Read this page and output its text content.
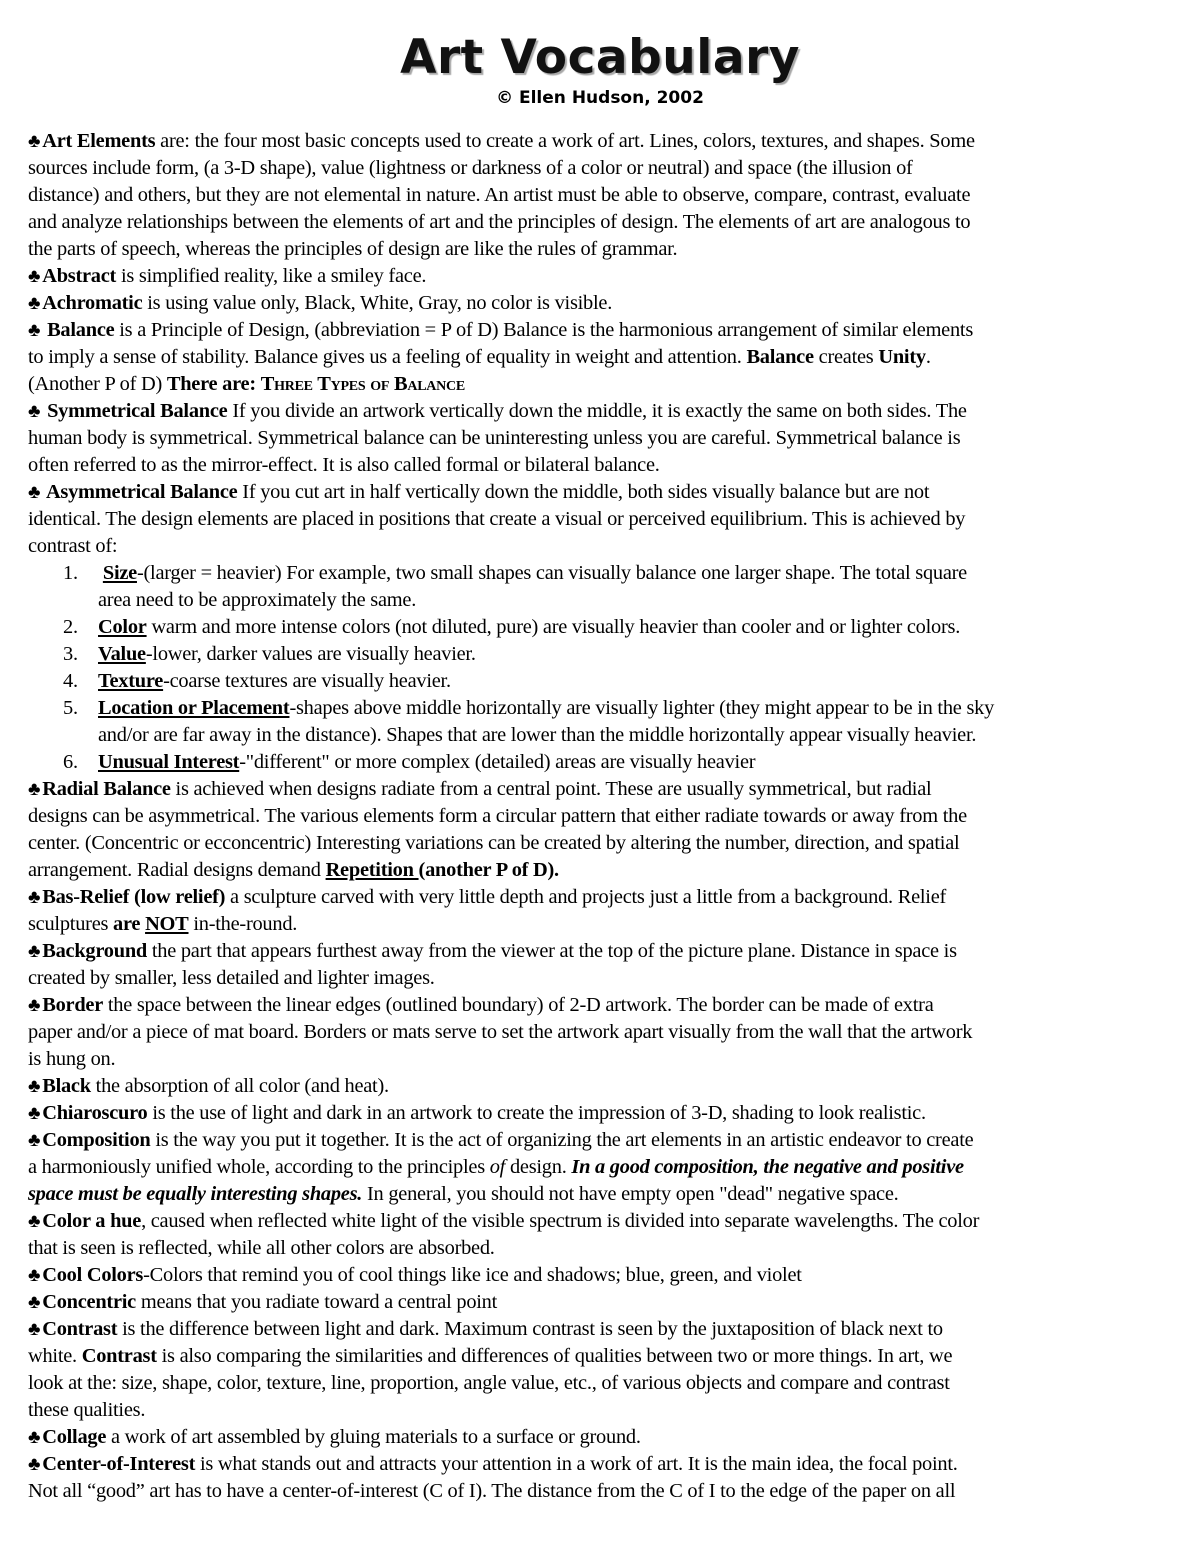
Art Vocabulary
© Ellen Hudson, 2002
♣Art Elements are: the four most basic concepts used to create a work of art. Lines, colors, textures, and shapes. Some
sources include form, (a 3-D shape), value (lightness or darkness of a color or neutral) and space (the illusion of
distance) and others, but they are not elemental in nature. An artist must be able to observe, compare, contrast, evaluate
and analyze relationships between the elements of art and the principles of design. The elements of art are analogous to
the parts of speech, whereas the principles of design are like the rules of grammar.
♣Abstract is simplified reality, like a smiley face.
♣Achromatic is using value only, Black, White, Gray, no color is visible.
♣ Balance is a Principle of Design, (abbreviation = P of D) Balance is the harmonious arrangement of similar elements
to imply a sense of stability. Balance gives us a feeling of equality in weight and attention. Balance creates Unity.
(Another P of D) There are: Three Types of Balance
♣ Symmetrical Balance If you divide an artwork vertically down the middle, it is exactly the same on both sides. The
human body is symmetrical. Symmetrical balance can be uninteresting unless you are careful. Symmetrical balance is
often referred to as the mirror-effect. It is also called formal or bilateral balance.
♣ Asymmetrical Balance If you cut art in half vertically down the middle, both sides visually balance but are not
identical. The design elements are placed in positions that create a visual or perceived equilibrium. This is achieved by
contrast of:
1. Size-(larger = heavier) For example, two small shapes can visually balance one larger shape. The total square
area need to be approximately the same.
2. Color warm and more intense colors (not diluted, pure) are visually heavier than cooler and or lighter colors.
3. Value-lower, darker values are visually heavier.
4. Texture-coarse textures are visually heavier.
5. Location or Placement-shapes above middle horizontally are visually lighter (they might appear to be in the sky
and/or are far away in the distance). Shapes that are lower than the middle horizontally appear visually heavier.
6. Unusual Interest-"different" or more complex (detailed) areas are visually heavier
♣Radial Balance is achieved when designs radiate from a central point. These are usually symmetrical, but radial
designs can be asymmetrical. The various elements form a circular pattern that either radiate towards or away from the
center. (Concentric or ecconcentric) Interesting variations can be created by altering the number, direction, and spatial
arrangement. Radial designs demand Repetition (another P of D).
♣Bas-Relief (low relief) a sculpture carved with very little depth and projects just a little from a background. Relief
sculptures are NOT in-the-round.
♣Background the part that appears furthest away from the viewer at the top of the picture plane. Distance in space is
created by smaller, less detailed and lighter images.
♣Border the space between the linear edges (outlined boundary) of 2-D artwork. The border can be made of extra
paper and/or a piece of mat board. Borders or mats serve to set the artwork apart visually from the wall that the artwork
is hung on.
♣Black the absorption of all color (and heat).
♣Chiaroscuro is the use of light and dark in an artwork to create the impression of 3-D, shading to look realistic.
♣Composition is the way you put it together. It is the act of organizing the art elements in an artistic endeavor to create
a harmoniously unified whole, according to the principles of design. In a good composition, the negative and positive
space must be equally interesting shapes. In general, you should not have empty open "dead" negative space.
♣Color a hue, caused when reflected white light of the visible spectrum is divided into separate wavelengths. The color
that is seen is reflected, while all other colors are absorbed.
♣Cool Colors-Colors that remind you of cool things like ice and shadows; blue, green, and violet
♣Concentric means that you radiate toward a central point
♣Contrast is the difference between light and dark. Maximum contrast is seen by the juxtaposition of black next to
white. Contrast is also comparing the similarities and differences of qualities between two or more things. In art, we
look at the: size, shape, color, texture, line, proportion, angle value, etc., of various objects and compare and contrast
these qualities.
♣Collage a work of art assembled by gluing materials to a surface or ground.
♣Center-of-Interest is what stands out and attracts your attention in a work of art. It is the main idea, the focal point.
Not all “good” art has to have a center-of-interest (C of I). The distance from the C of I to the edge of the paper on all
